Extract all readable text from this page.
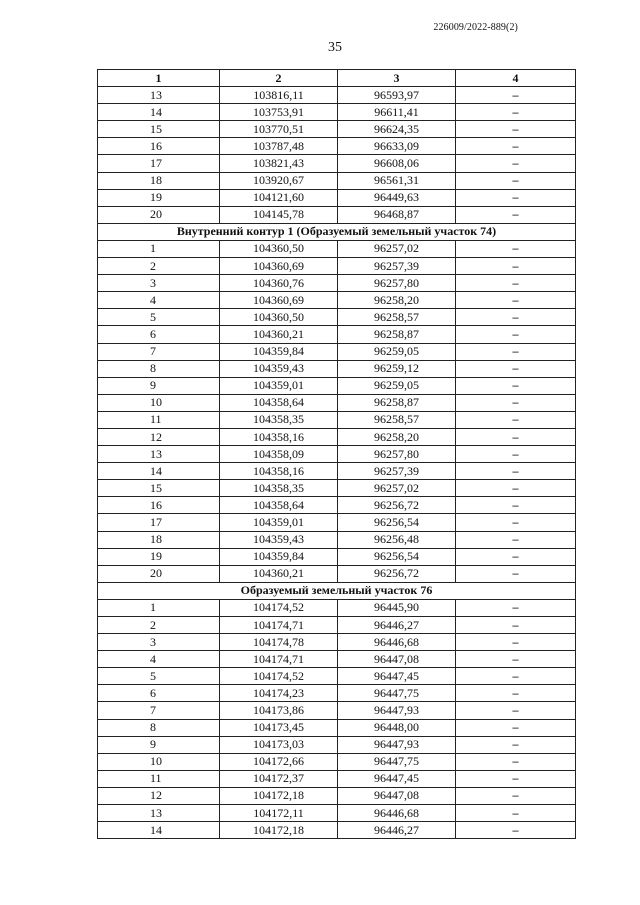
226009/2022-889(2)
35
1	2	3	4
13	103816,11	96593,97	–
14	103753,91	96611,41	–
15	103770,51	96624,35	–
16	103787,48	96633,09	–
17	103821,43	96608,06	–
18	103920,67	96561,31	–
19	104121,60	96449,63	–
20	104145,78	96468,87	–
Внутренний контур 1 (Образуемый земельный участок 74)			
1	104360,50	96257,02	–
2	104360,69	96257,39	–
3	104360,76	96257,80	–
4	104360,69	96258,20	–
5	104360,50	96258,57	–
6	104360,21	96258,87	–
7	104359,84	96259,05	–
8	104359,43	96259,12	–
9	104359,01	96259,05	–
10	104358,64	96258,87	–
11	104358,35	96258,57	–
12	104358,16	96258,20	–
13	104358,09	96257,80	–
14	104358,16	96257,39	–
15	104358,35	96257,02	–
16	104358,64	96256,72	–
17	104359,01	96256,54	–
18	104359,43	96256,48	–
19	104359,84	96256,54	–
20	104360,21	96256,72	–
Образуемый земельный участок 76			
1	104174,52	96445,90	–
2	104174,71	96446,27	–
3	104174,78	96446,68	–
4	104174,71	96447,08	–
5	104174,52	96447,45	–
6	104174,23	96447,75	–
7	104173,86	96447,93	–
8	104173,45	96448,00	–
9	104173,03	96447,93	–
10	104172,66	96447,75	–
11	104172,37	96447,45	–
12	104172,18	96447,08	–
13	104172,11	96446,68	–
14	104172,18	96446,27	–
